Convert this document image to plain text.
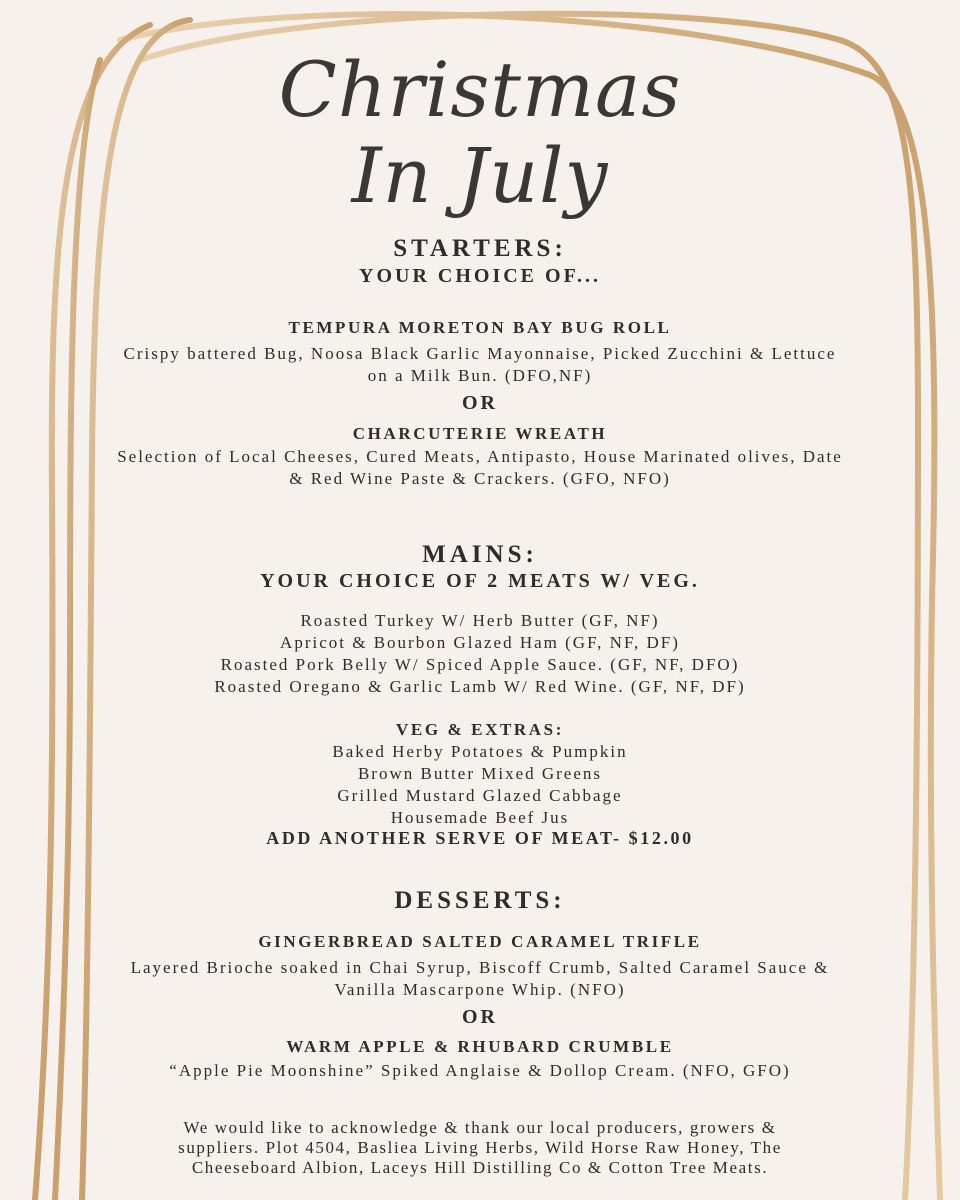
Christmas
In July
STARTERS:
YOUR CHOICE OF...
TEMPURA MORETON BAY BUG ROLL

Crispy battered Bug, Noosa Black Garlic Mayonnaise, Picked Zucchini & Lettuce on a Milk Bun. (DFO,NF)

OR
CHARCUTERIE WREATH

Selection of Local Cheeses, Cured Meats, Antipasto, House Marinated olives, Date & Red Wine Paste & Crackers. (GFO, NFO)

MAINS:
YOUR CHOICE OF 2 MEATS W/ VEG.
Roasted Turkey W/ Herb Butter (GF, NF)
Apricot & Bourbon Glazed Ham (GF, NF, DF)
Roasted Pork Belly W/ Spiced Apple Sauce. (GF, NF, DFO)
Roasted Oregano & Garlic Lamb W/ Red Wine. (GF, NF, DF)
VEG & EXTRAS:
Baked Herby Potatoes & Pumpkin
Brown Butter Mixed Greens
Grilled Mustard Glazed Cabbage
Housemade Beef Jus
ADD ANOTHER SERVE OF MEAT- $12.00
DESSERTS:
GINGERBREAD SALTED CARAMEL TRIFLE

Layered Brioche soaked in Chai Syrup, Biscoff Crumb, Salted Caramel Sauce & Vanilla Mascarpone Whip. (NFO)

OR
WARM APPLE & RHUBARD CRUMBLE

“Apple Pie Moonshine” Spiked Anglaise & Dollop Cream. (NFO, GFO)

We would like to acknowledge & thank our local producers, growers & suppliers. Plot 4504, Basliea Living Herbs, Wild Horse Raw Honey, The Cheeseboard Albion, Laceys Hill Distilling Co & Cotton Tree Meats.
